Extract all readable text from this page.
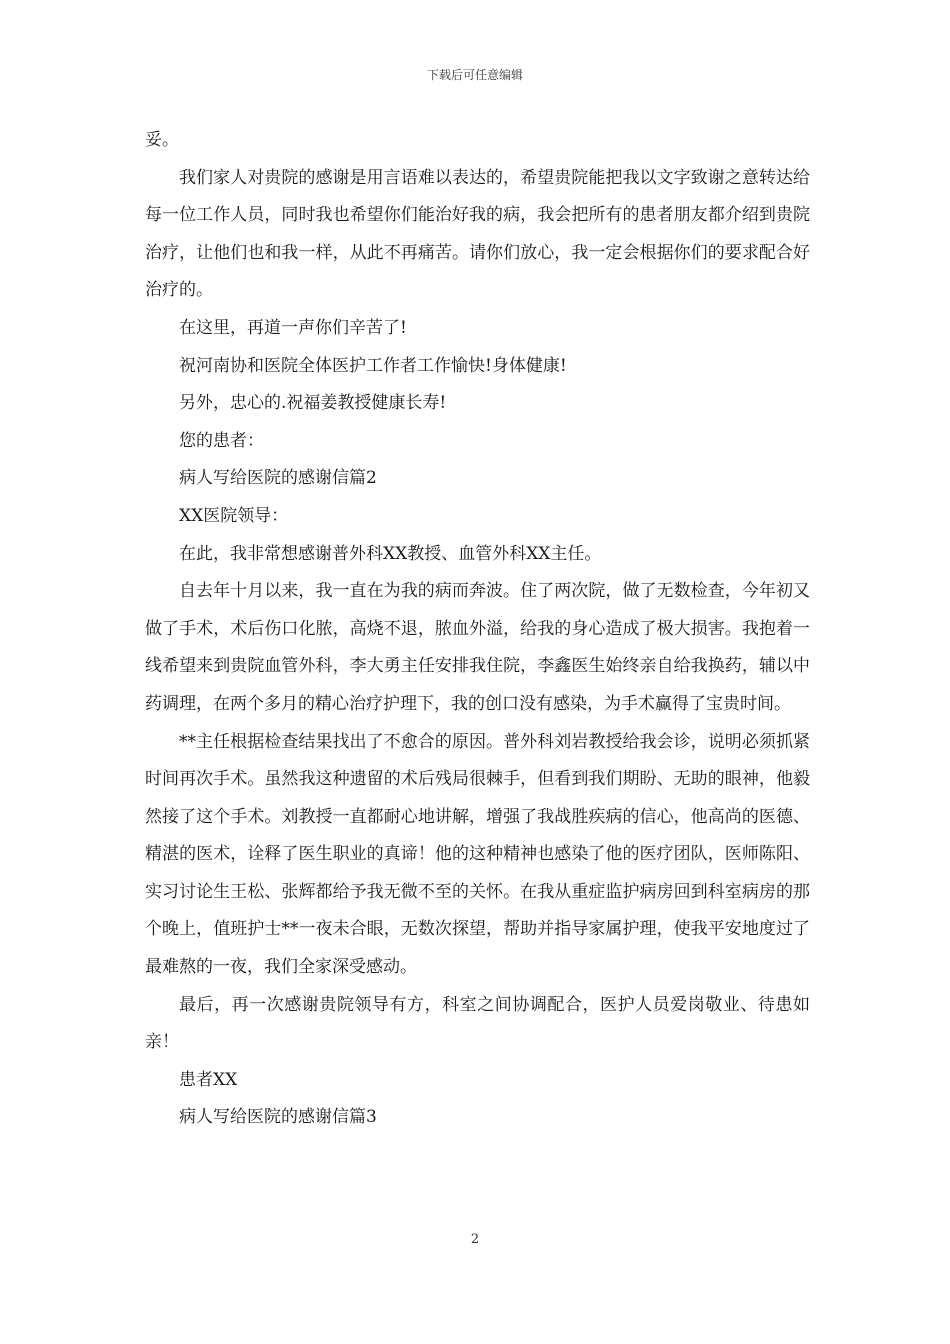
下载后可任意编辑

妥。

我们家人对贵院的感谢是用言语难以表达的，希望贵院能把我以文字致谢之意转达给每一位工作人员，同时我也希望你们能治好我的病，我会把所有的患者朋友都介绍到贵院治疗，让他们也和我一样，从此不再痛苦。请你们放心，我一定会根据你们的要求配合好治疗的。

在这里，再道一声你们辛苦了!

祝河南协和医院全体医护工作者工作愉快!身体健康!

另外，忠心的.祝福姜教授健康长寿!

您的患者：

病人写给医院的感谢信篇2

XX医院领导：

在此，我非常想感谢普外科XX教授、血管外科XX主任。

自去年十月以来，我一直在为我的病而奔波。住了两次院，做了无数检查，今年初又做了手术，术后伤口化脓，高烧不退，脓血外溢，给我的身心造成了极大损害。我抱着一线希望来到贵院血管外科，李大勇主任安排我住院，李鑫医生始终亲自给我换药，辅以中药调理，在两个多月的精心治疗护理下，我的创口没有感染，为手术赢得了宝贵时间。

**主任根据检查结果找出了不愈合的原因。普外科刘岩教授给我会诊，说明必须抓紧时间再次手术。虽然我这种遗留的术后残局很棘手，但看到我们期盼、无助的眼神，他毅然接了这个手术。刘教授一直都耐心地讲解，增强了我战胜疾病的信心，他高尚的医德、精湛的医术，诠释了医生职业的真谛！他的这种精神也感染了他的医疗团队，医师陈阳、实习讨论生王松、张辉都给予我无微不至的关怀。在我从重症监护病房回到科室病房的那个晚上，值班护士**一夜未合眼，无数次探望，帮助并指导家属护理，使我平安地度过了最难熬的一夜，我们全家深受感动。

最后，再一次感谢贵院领导有方，科室之间协调配合，医护人员爱岗敬业、待患如亲！

患者XX

病人写给医院的感谢信篇3

2
